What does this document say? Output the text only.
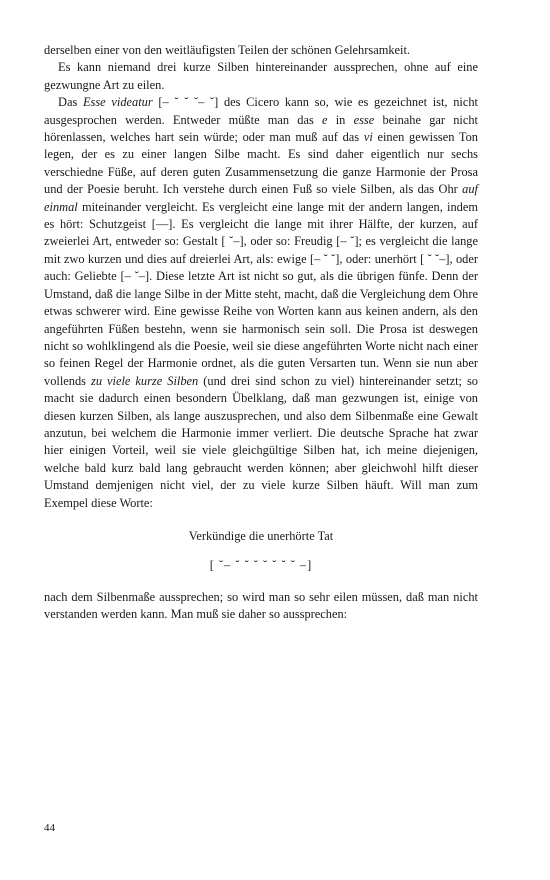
derselben einer von den weitläufigsten Teilen der schönen Gelehrsamkeit.

Es kann niemand drei kurze Silben hintereinander aussprechen, ohne auf eine gezwungne Art zu eilen.

Das Esse videatur [– ˘ ˘ ˘– ˘] des Cicero kann so, wie es gezeichnet ist, nicht ausgesprochen werden. Entweder müßte man das e in esse beinahe gar nicht hörenlassen, welches hart sein würde; oder man muß auf das vi einen gewissen Ton legen, der es zu einer langen Silbe macht. Es sind daher eigentlich nur sechs verschiedne Füße, auf deren guten Zusammensetzung die ganze Harmonie der Prosa und der Poesie beruht. Ich verstehe durch einen Fuß so viele Silben, als das Ohr auf einmal miteinander vergleicht. Es vergleicht eine lange mit der andern langen, indem es hört: Schutzgeist [––]. Es vergleicht die lange mit ihrer Hälfte, der kurzen, auf zweierlei Art, entweder so: Gestalt [ ˘–], oder so: Freudig [– ˘]; es vergleicht die lange mit zwo kurzen und dies auf dreierlei Art, als: ewige [– ˘ ˘], oder: unerhört [ ˘ ˘–], oder auch: Geliebte [– ˘–]. Diese letzte Art ist nicht so gut, als die übrigen fünfe. Denn der Umstand, daß die lange Silbe in der Mitte steht, macht, daß die Vergleichung dem Ohre etwas schwerer wird. Eine gewisse Reihe von Worten kann aus keinen andern, als den angeführten Füßen bestehn, wenn sie harmonisch sein soll. Die Prosa ist deswegen nicht so wohlklingend als die Poesie, weil sie diese angeführten Worte nicht nach einer so feinen Regel der Harmonie ordnet, als die guten Versarten tun. Wenn sie nun aber vollends zu viele kurze Silben (und drei sind schon zu viel) hintereinander setzt; so macht sie dadurch einen besondern Übelklang, daß man gezwungen ist, einige von diesen kurzen Silben, als lange auszusprechen, und also dem Silbenmaße eine Gewalt anzutun, bei welchem die Harmonie immer verliert. Die deutsche Sprache hat zwar hier einigen Vorteil, weil sie viele gleichgültige Silben hat, ich meine diejenigen, welche bald kurz bald lang gebraucht werden können; aber gleichwohl hilft dieser Umstand demjenigen nicht viel, der zu viele kurze Silben häuft. Will man zum Exempel diese Worte:

Verkündige die unerhörte Tat

[ ˘– ˘ ˘ ˘ ˘ ˘ ˘ ˘ –]

nach dem Silbenmaße aussprechen; so wird man so sehr eilen müssen, daß man nicht verstanden werden kann. Man muß sie daher so aussprechen:

44
